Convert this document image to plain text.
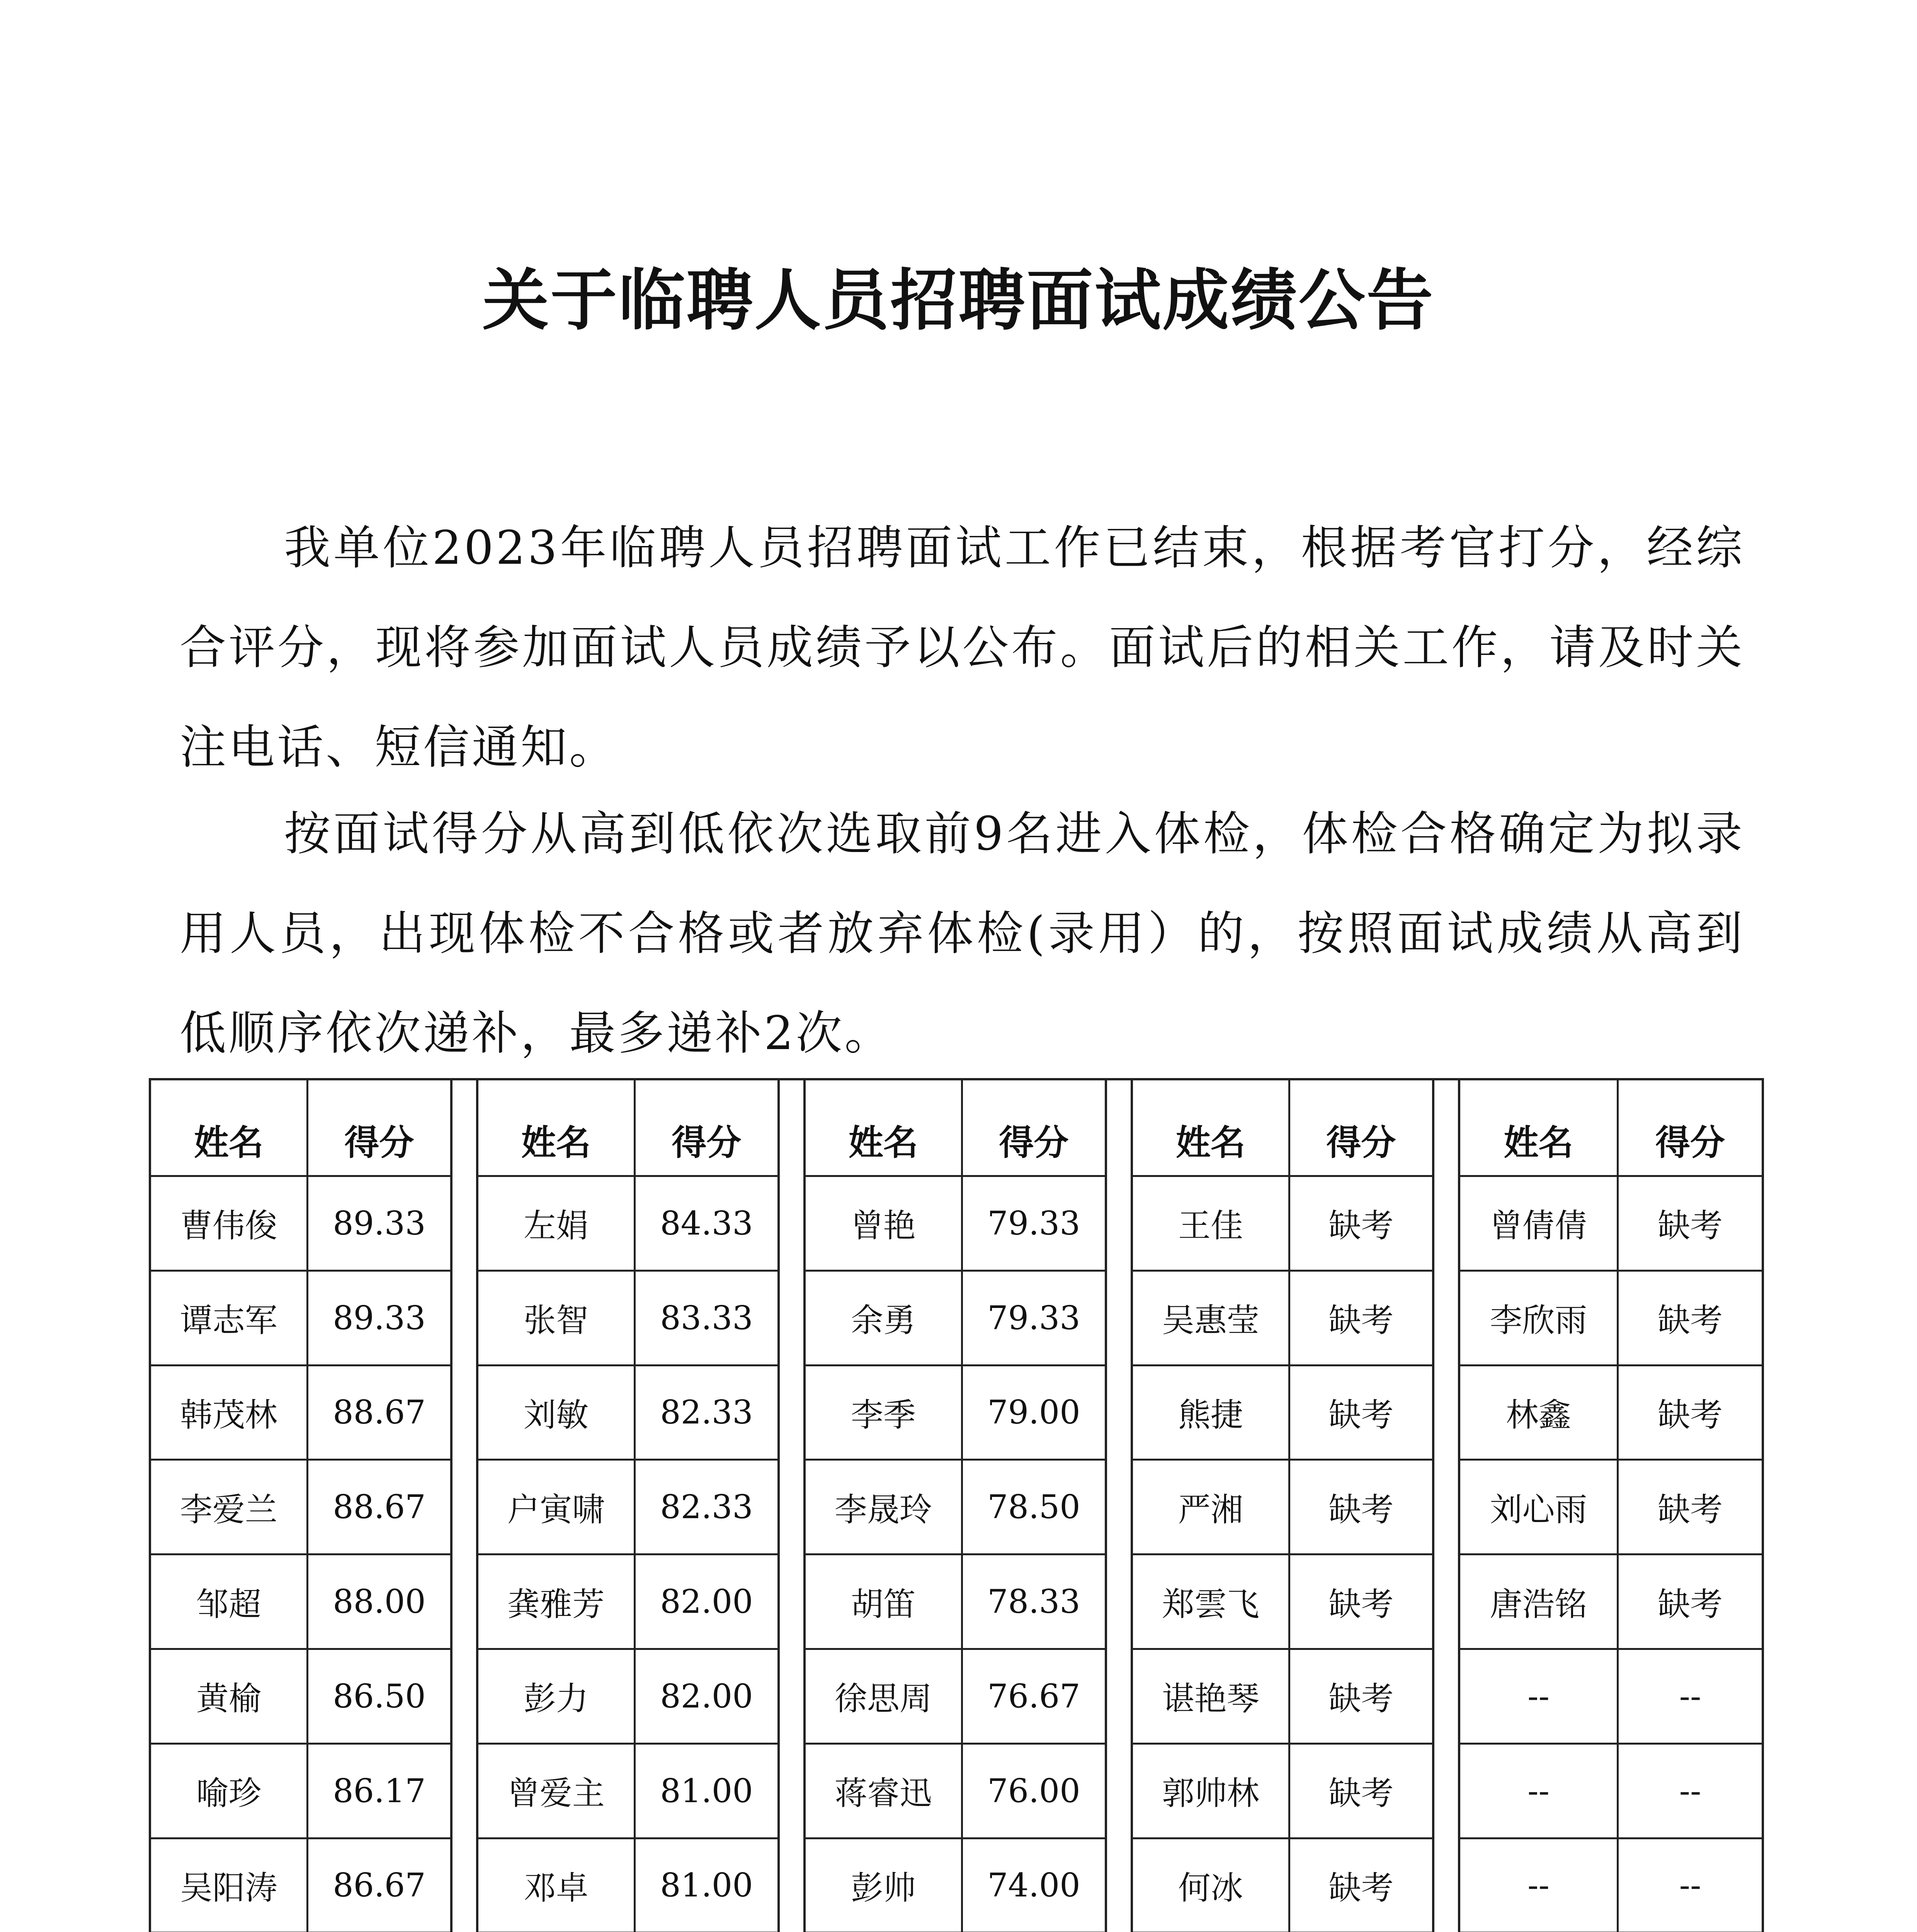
关于临聘人员招聘面试成绩公告

我单位2023年临聘人员招聘面试工作已结束，根据考官打分，经综合评分，现将参加面试人员成绩予以公布。面试后的相关工作，请及时关注电话、短信通知。

按面试得分从高到低依次选取前9名进入体检，体检合格确定为拟录用人员，出现体检不合格或者放弃体检(录用）的，按照面试成绩从高到低顺序依次递补，最多递补2次。

姓名	得分
曹伟俊	89.33
谭志军	89.33
韩茂林	88.67
李爱兰	88.67
邹超	88.00
黄榆	86.50
喻珍	86.17
吴阳涛	86.67
姓名	得分
左娟	84.33
张智	83.33
刘敏	82.33
户寅啸	82.33
龚雅芳	82.00
彭力	82.00
曾爱主	81.00
邓卓	81.00
姓名	得分
曾艳	79.33
余勇	79.33
李季	79.00
李晟玲	78.50
胡笛	78.33
徐思周	76.67
蒋睿迅	76.00
彭帅	74.00
姓名	得分
王佳	缺考
吴惠莹	缺考
熊捷	缺考
严湘	缺考
郑雲飞	缺考
谌艳琴	缺考
郭帅林	缺考
何冰	缺考
姓名	得分
曾倩倩	缺考
李欣雨	缺考
林鑫	缺考
刘心雨	缺考
唐浩铭	缺考
--	--
--	--
--	--
